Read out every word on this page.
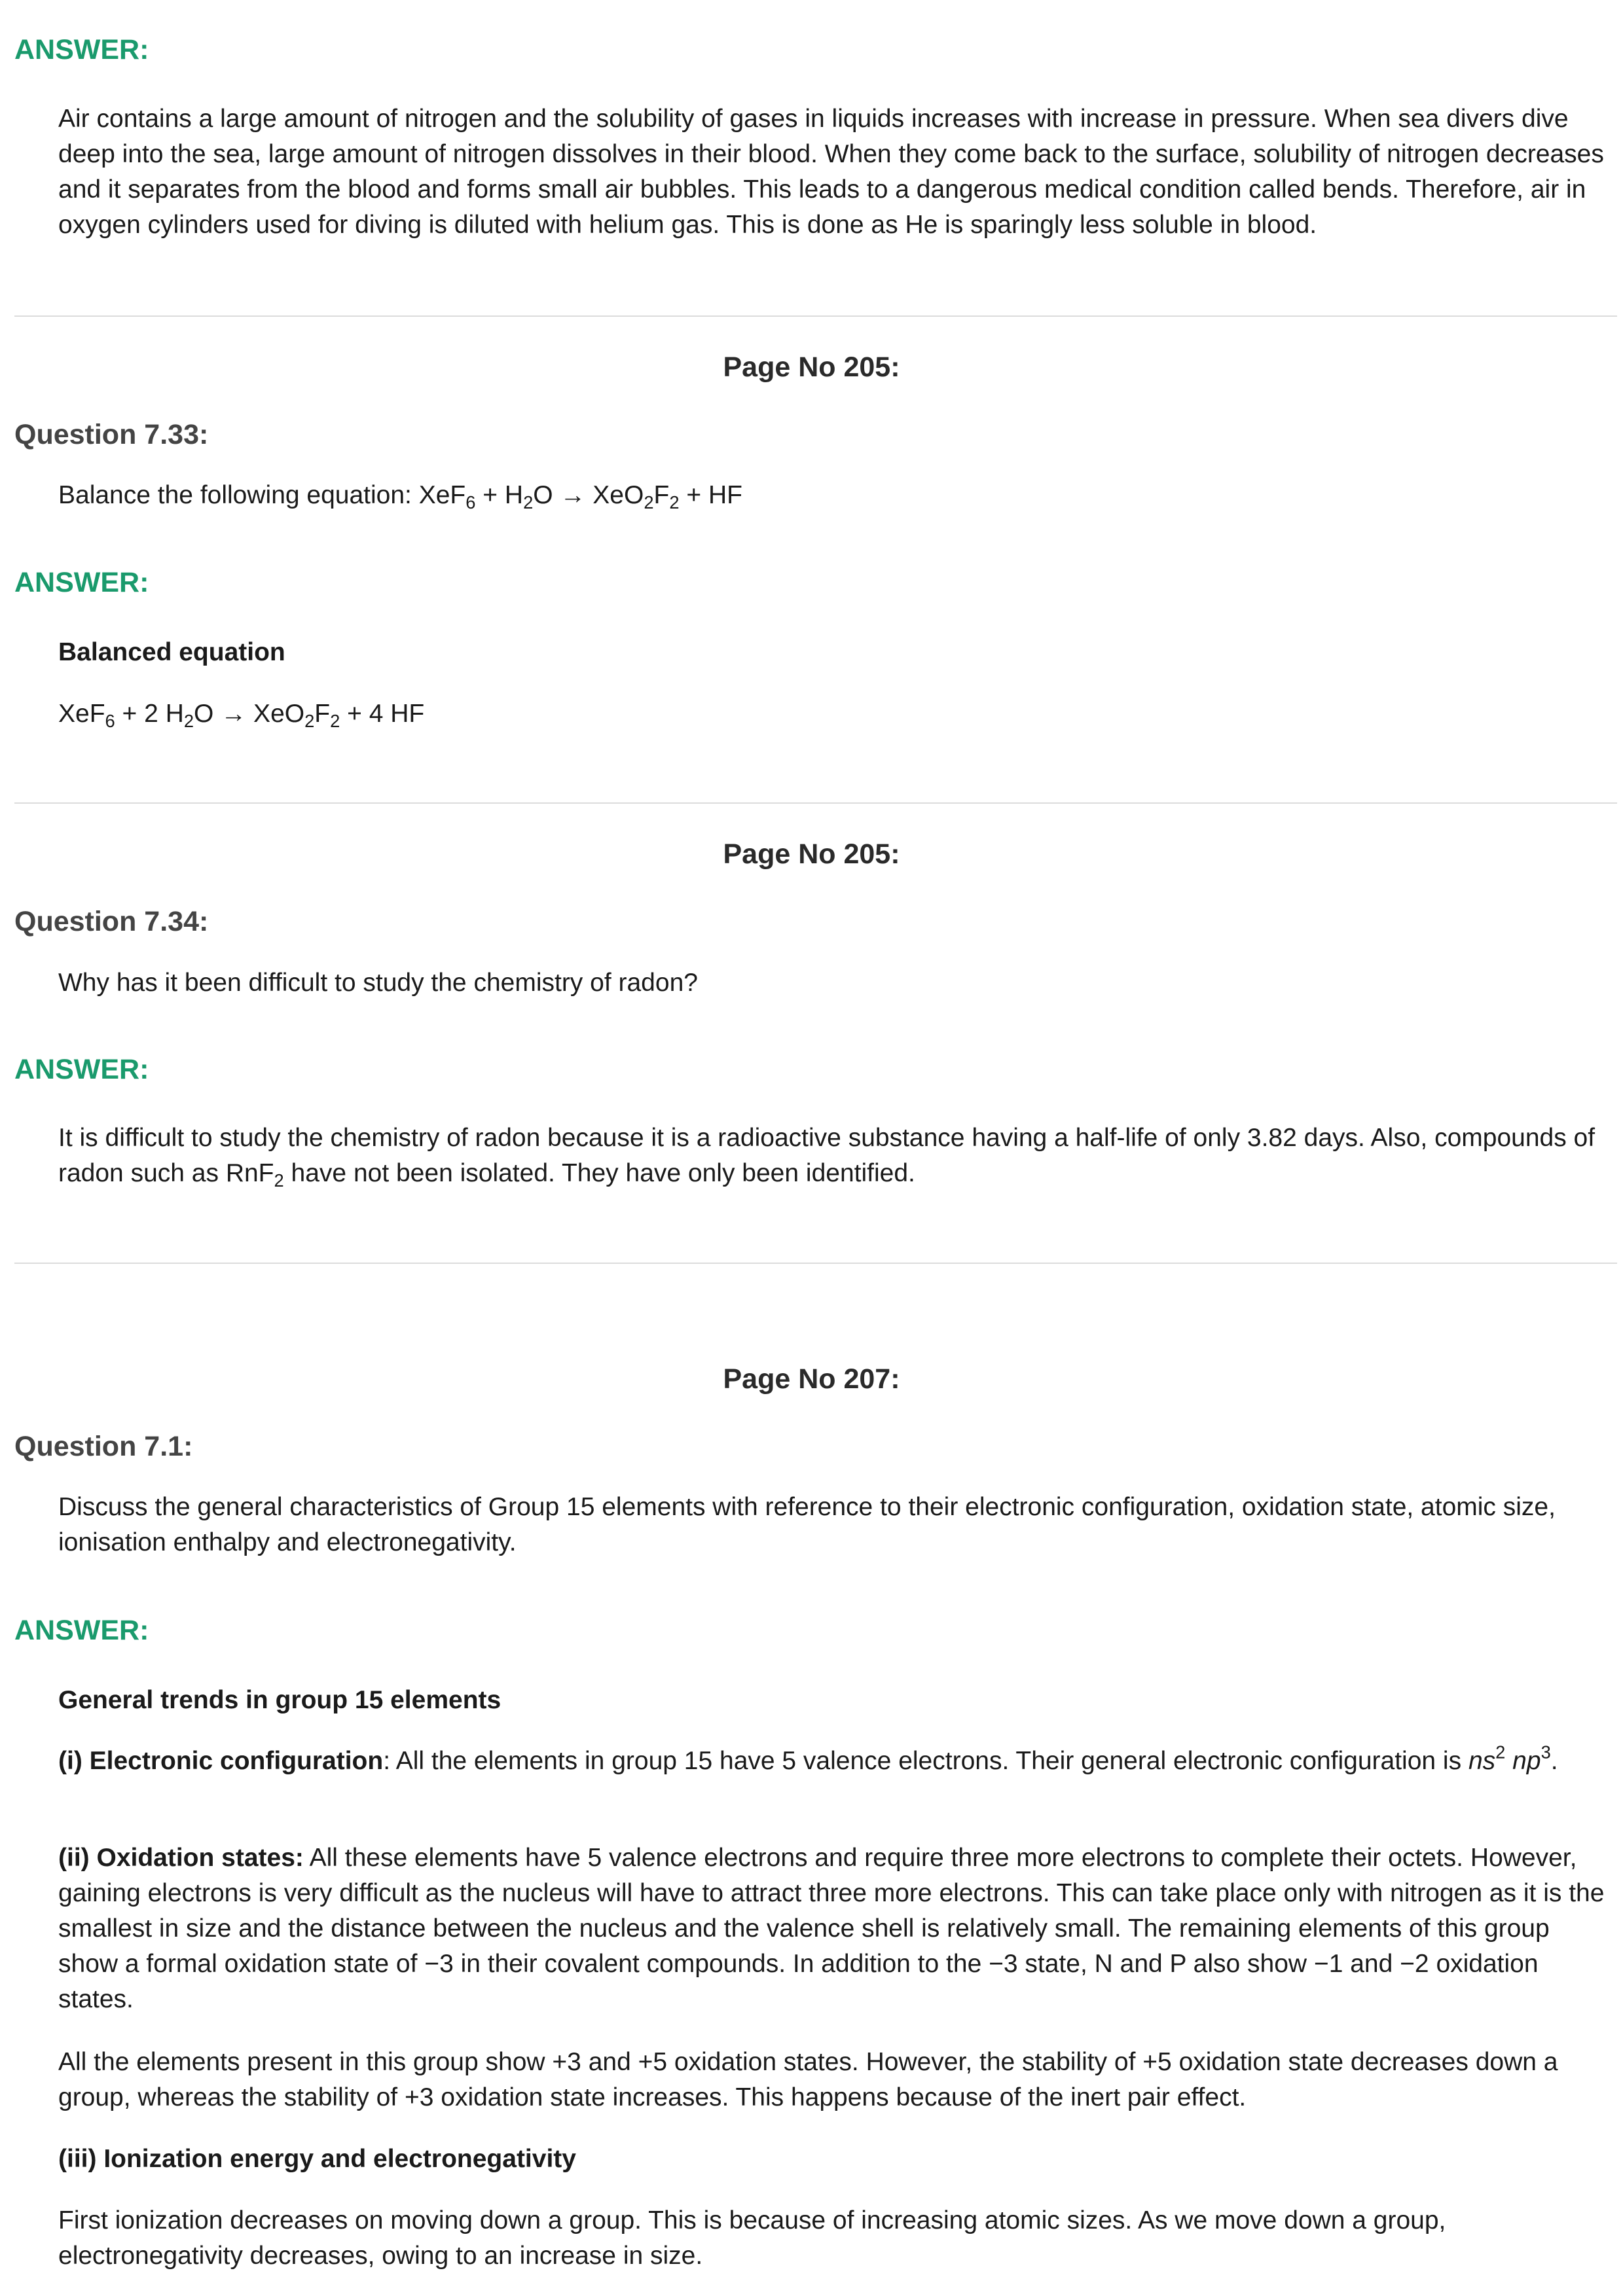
ANSWER:
Air contains a large amount of nitrogen and the solubility of gases in liquids increases with increase in pressure. When sea divers dive deep into the sea, large amount of nitrogen dissolves in their blood. When they come back to the surface, solubility of nitrogen decreases and it separates from the blood and forms small air bubbles. This leads to a dangerous medical condition called bends. Therefore, air in oxygen cylinders used for diving is diluted with helium gas. This is done as He is sparingly less soluble in blood.
Page No 205:
Question 7.33:
Balance the following equation: $XeF_6 + H_2O \to XeO_2F_2$ + HF
ANSWER:
Balanced equation
XeF$_6$ + 2 $H_2O \to XeO_2F_2 + 4$ HF
Page No 205:
Question 7.34:
Why has it been difficult to study the chemistry of radon?
ANSWER:
It is difficult to study the chemistry of radon because it is a radioactive substance having a half-life of only 3.82 days. Also, compounds of radon such as RnF$_2$ have not been isolated. They have only been identified.
Page No 207:
Question 7.1:
Discuss the general characteristics of Group 15 elements with reference to their electronic configuration, oxidation state, atomic size, ionisation enthalpy and electronegativity.
ANSWER:
General trends in group 15 elements
(i) Electronic configuration: All the elements in group 15 have 5 valence electrons. Their general electronic configuration is $ns^2$ $np^3$.
(ii) Oxidation states: All these elements have 5 valence electrons and require three more electrons to complete their octets. However, gaining electrons is very difficult as the nucleus will have to attract three more electrons. This can take place only with nitrogen as it is the smallest in size and the distance between the nucleus and the valence shell is relatively small. The remaining elements of this group show a formal oxidation state of −3 in their covalent compounds. In addition to the −3 state, N and P also show −1 and −2 oxidation states.
All the elements present in this group show +3 and +5 oxidation states. However, the stability of +5 oxidation state decreases down a group, whereas the stability of +3 oxidation state increases. This happens because of the inert pair effect.
(iii) Ionization energy and electronegativity
First ionization decreases on moving down a group. This is because of increasing atomic sizes. As we move down a group, electronegativity decreases, owing to an increase in size.
